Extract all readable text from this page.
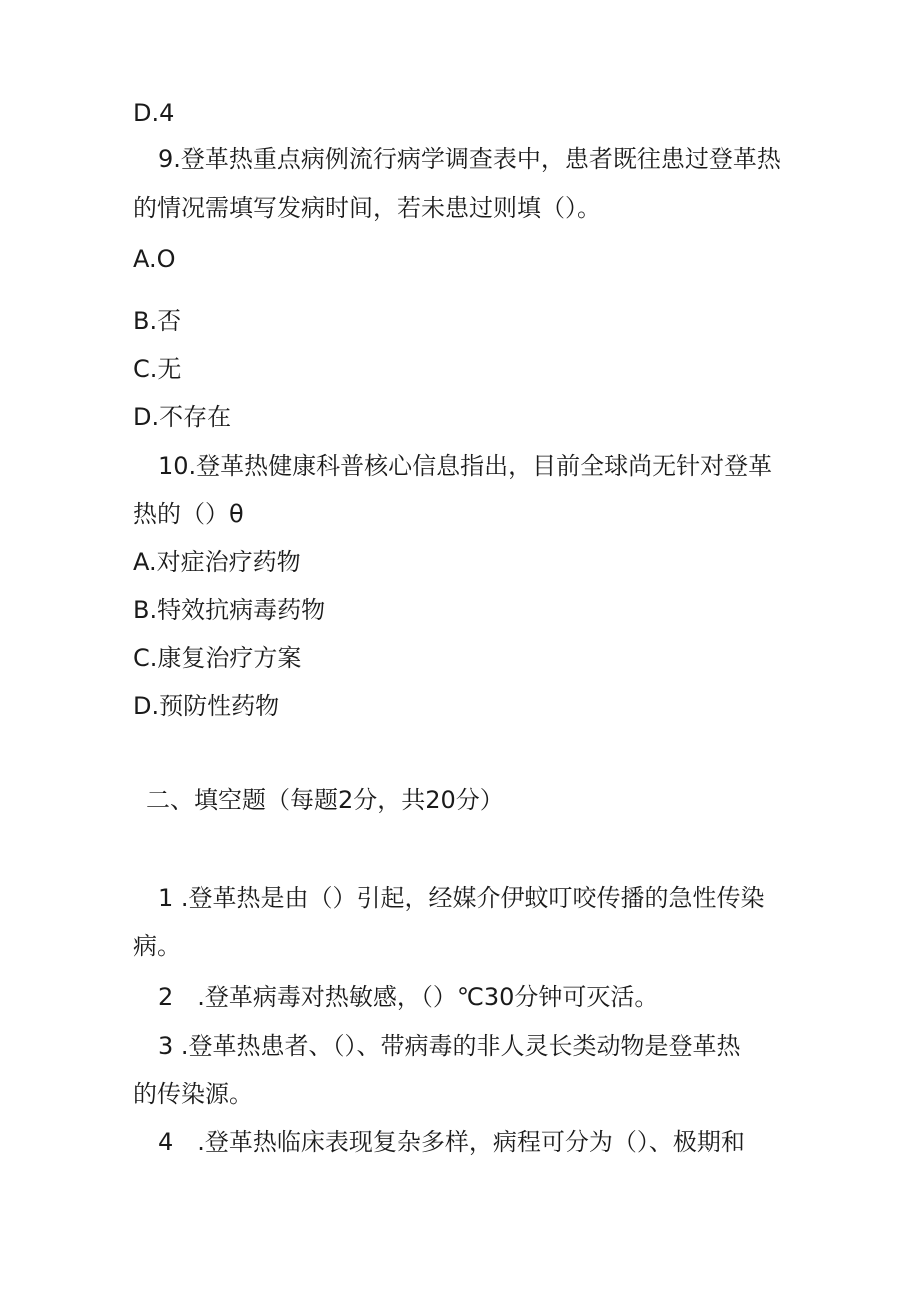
D.4

9.登革热重点病例流行病学调查表中，患者既往患过登革热

的情况需填写发病时间，若未患过则填（）。

A.O

B.否

C.无

D.不存在

10.登革热健康科普核心信息指出，目前全球尚无针对登革

热的（）θ

A.对症治疗药物

B.特效抗病毒药物

C.康复治疗方案

D.预防性药物

二、填空题（每题2分，共20分）

1 .登革热是由（）引起，经媒介伊蚊叮咬传播的急性传染

病。

2　.登革病毒对热敏感，（）℃30分钟可灭活。

3 .登革热患者、（）、带病毒的非人灵长类动物是登革热

的传染源。

4　.登革热临床表现复杂多样，病程可分为（）、极期和
